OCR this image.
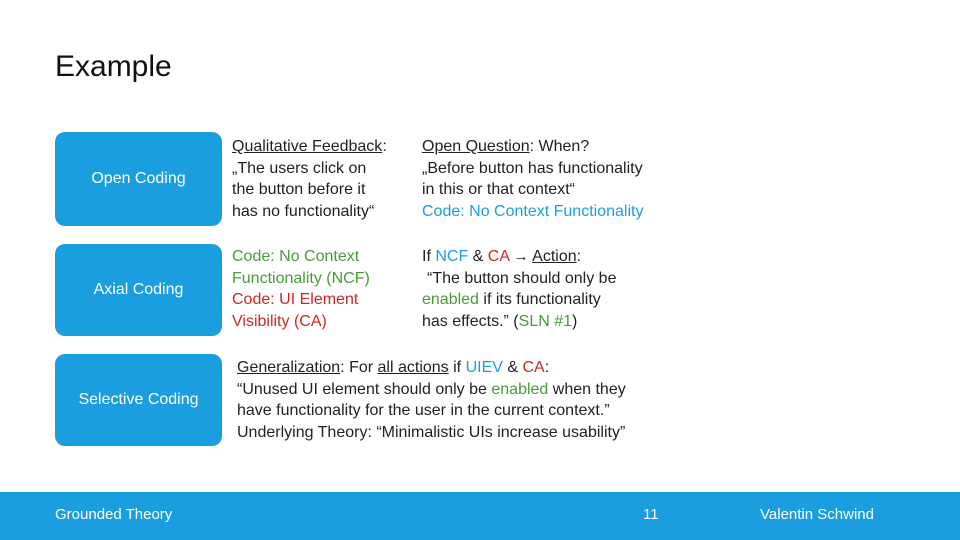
Example
Open Coding
Axial Coding
Selective Coding
Qualitative Feedback:
„The users click on
the button before it
has no functionality“
Open Question: When?
„Before button has functionality
in this or that context“
Code: No Context Functionality
Code: No Context
Functionality (NCF)
Code: UI Element
Visibility (CA)
If NCF & CA → Action:
“The button should only be
enabled if its functionality
has effects.” (SLN #1)
Generalization: For all actions if UIEV & CA:
“Unused UI element should only be enabled when they
have functionality for the user in the current context.”
Underlying Theory: “Minimalistic UIs increase usability”
Grounded Theory	11	Valentin Schwind
